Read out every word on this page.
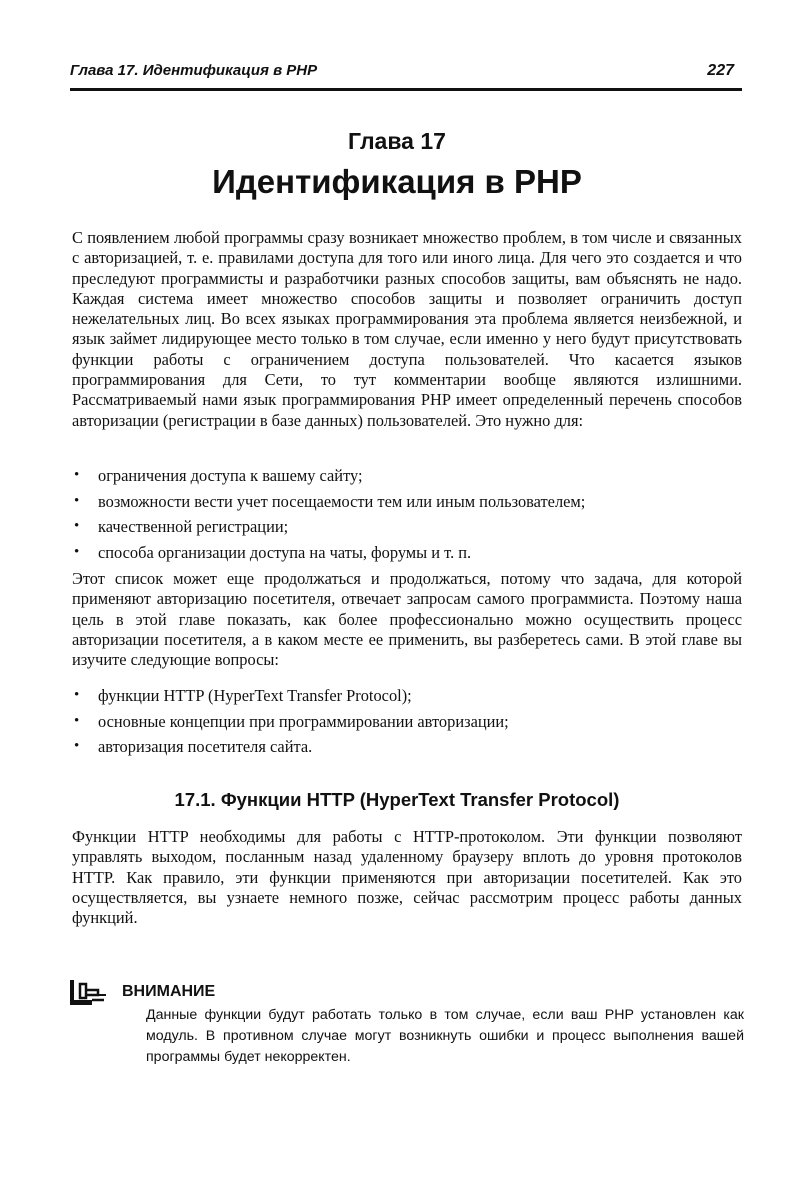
Глава 17. Идентификация в PHP	227
Глава 17
Идентификация в PHP

С появлением любой программы сразу возникает множество проблем, в том числе и связанных с авторизацией, т. е. правилами доступа для того или иного лица. Для чего это создается и что преследуют программисты и разработчики разных способов защиты, вам объяснять не надо. Каждая система имеет множество способов защиты и позволяет ограничить доступ нежелательных лиц. Во всех языках программирования эта проблема является неизбежной, и язык займет лидирующее место только в том случае, если именно у него будут присутствовать функции работы с ограничением доступа пользователей. Что касается языков программирования для Сети, то тут комментарии вообще являются излишними. Рассматриваемый нами язык программирования PHP имеет определенный перечень способов авторизации (регистрации в базе данных) пользователей. Это нужно для:

• ограничения доступа к вашему сайту;
• возможности вести учет посещаемости тем или иным пользователем;
• качественной регистрации;
• способа организации доступа на чаты, форумы и т. п.

Этот список может еще продолжаться и продолжаться, потому что задача, для которой применяют авторизацию посетителя, отвечает запросам самого программиста. Поэтому наша цель в этой главе показать, как более профессионально можно осуществить процесс авторизации посетителя, а в каком месте ее применить, вы разберетесь сами. В этой главе вы изучите следующие вопросы:

• функции HTTP (HyperText Transfer Protocol);
• основные концепции при программировании авторизации;
• авторизация посетителя сайта.
17.1. Функции HTTP (HyperText Transfer Protocol)

Функции HTTP необходимы для работы с HTTP-протоколом. Эти функции позволяют управлять выходом, посланным назад удаленному браузеру вплоть до уровня протоколов HTTP. Как правило, эти функции применяются при авторизации посетителей. Как это осуществляется, вы узнаете немного позже, сейчас рассмотрим процесс работы данных функций.

ВНИМАНИЕ

Данные функции будут работать только в том случае, если ваш PHP установлен как модуль. В противном случае могут возникнуть ошибки и процесс выполнения вашей программы будет некорректен.
